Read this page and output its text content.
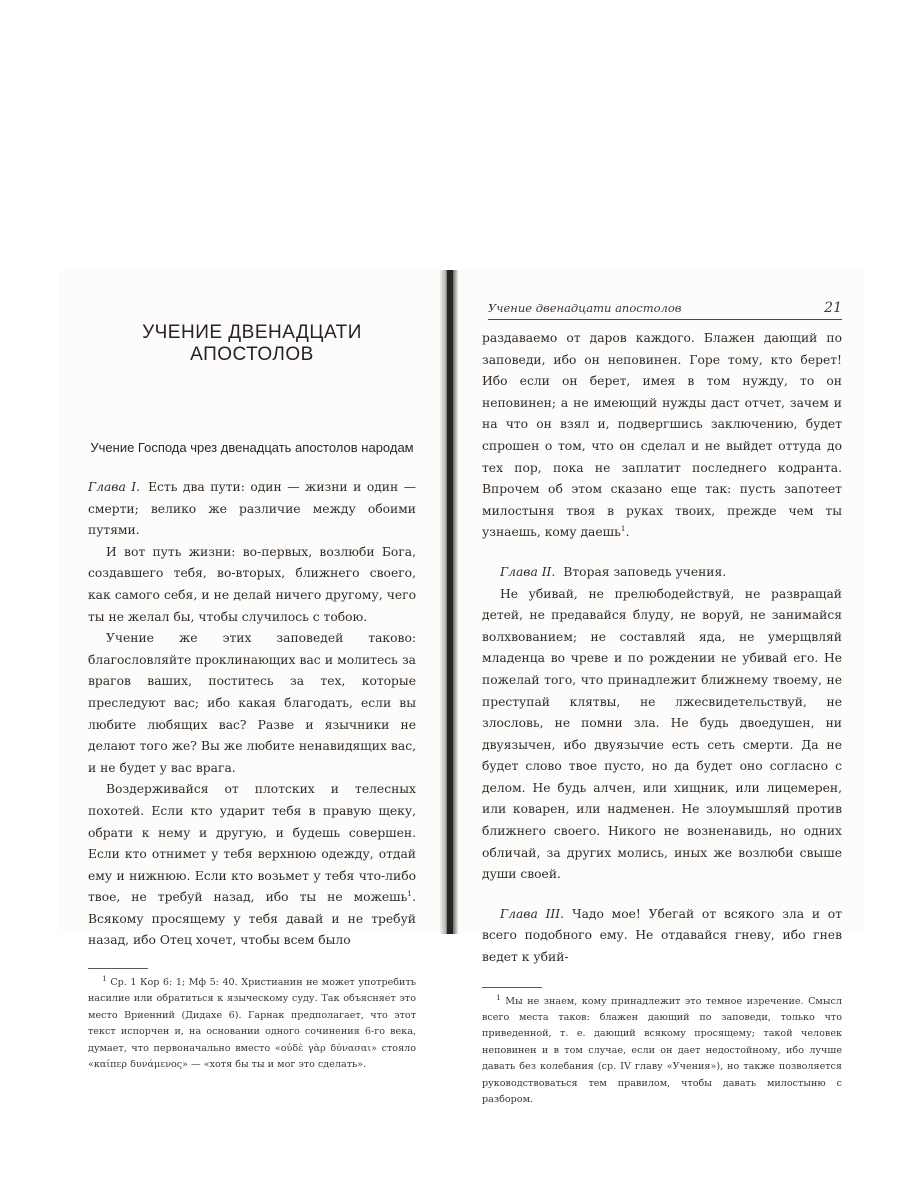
УЧЕНИЕ ДВЕНАДЦАТИ АПОСТОЛОВ
Учение Господа чрез двенадцать апостолов народам

Глава I. Есть два пути: один — жизни и один — смерти; велико же различие между обоими путями.

И вот путь жизни: во-первых, возлюби Бога, создавшего тебя, во-вторых, ближнего своего, как самого себя, и не делай ничего другому, чего ты не желал бы, чтобы случилось с тобою.

Учение же этих заповедей таково: благословляйте проклинающих вас и молитесь за врагов ваших, поститесь за тех, которые преследуют вас; ибо какая благодать, если вы любите любящих вас? Разве и язычники не делают того же? Вы же любите ненавидящих вас, и не будет у вас врага.

Воздерживайся от плотских и телесных похотей. Если кто ударит тебя в правую щеку, обрати к нему и другую, и будешь совершен. Если кто отнимет у тебя верхнюю одежду, отдай ему и нижнюю. Если кто возьмет у тебя что-либо твое, не требуй назад, ибо ты не можешь$^1$. Всякому просящему у тебя давай и не требуй назад, ибо Отец хочет, чтобы всем было

$^1$ Ср. 1 Кор 6: 1; Мф 5: 40. Христианин не может употребить насилие или обратиться к языческому суду. Так объясняет это место Вриенний (Дидахе 6). Гарнак предполагает, что этот текст испорчен и, на основании одного сочинения 6-го века, думает, что первоначально вместо «οὐδὲ γὰρ δύνασαι» стояло «καίπερ δυνάμενος» — «хотя бы ты и мог это сделать».

Учение двенадцати апостолов	21

раздаваемо от даров каждого. Блажен дающий по заповеди, ибо он неповинен. Горе тому, кто берет! Ибо если он берет, имея в том нужду, то он неповинен; а не имеющий нужды даст отчет, зачем и на что он взял и, подвергшись заключению, будет спрошен о том, что он сделал и не выйдет оттуда до тех пор, пока не заплатит последнего кодранта. Впрочем об этом сказано еще так: пусть запотеет милостыня твоя в руках твоих, прежде чем ты узнаешь, кому даешь$^1$.

Глава II. Вторая заповедь учения.

Не убивай, не прелюбодействуй, не развращай детей, не предавайся блуду, не воруй, не занимайся волхвованием; не составляй яда, не умерщвляй младенца во чреве и по рождении не убивай его. Не пожелай того, что принадлежит ближнему твоему, не преступай клятвы, не лжесвидетельствуй, не злословь, не помни зла. Не будь двоедушен, ни двуязычен, ибо двуязычие есть сеть смерти. Да не будет слово твое пусто, но да будет оно согласно с делом. Не будь алчен, или хищник, или лицемерен, или коварен, или надменен. Не злоумышляй против ближнего своего. Никого не возненавидь, но одних обличай, за других молись, иных же возлюби свыше души своей.

Глава III. Чадо мое! Убегай от всякого зла и от всего подобного ему. Не отдавайся гневу, ибо гнев ведет к убий-

$^1$ Мы не знаем, кому принадлежит это темное изречение. Смысл всего места таков: блажен дающий по заповеди, только что приведенной, т. е. дающий всякому просящему; такой человек неповинен и в том случае, если он дает недостойному, ибо лучше давать без колебания (ср. IV главу «Учения»), но также позволяется руководствоваться тем правилом, чтобы давать милостыню с разбором.
